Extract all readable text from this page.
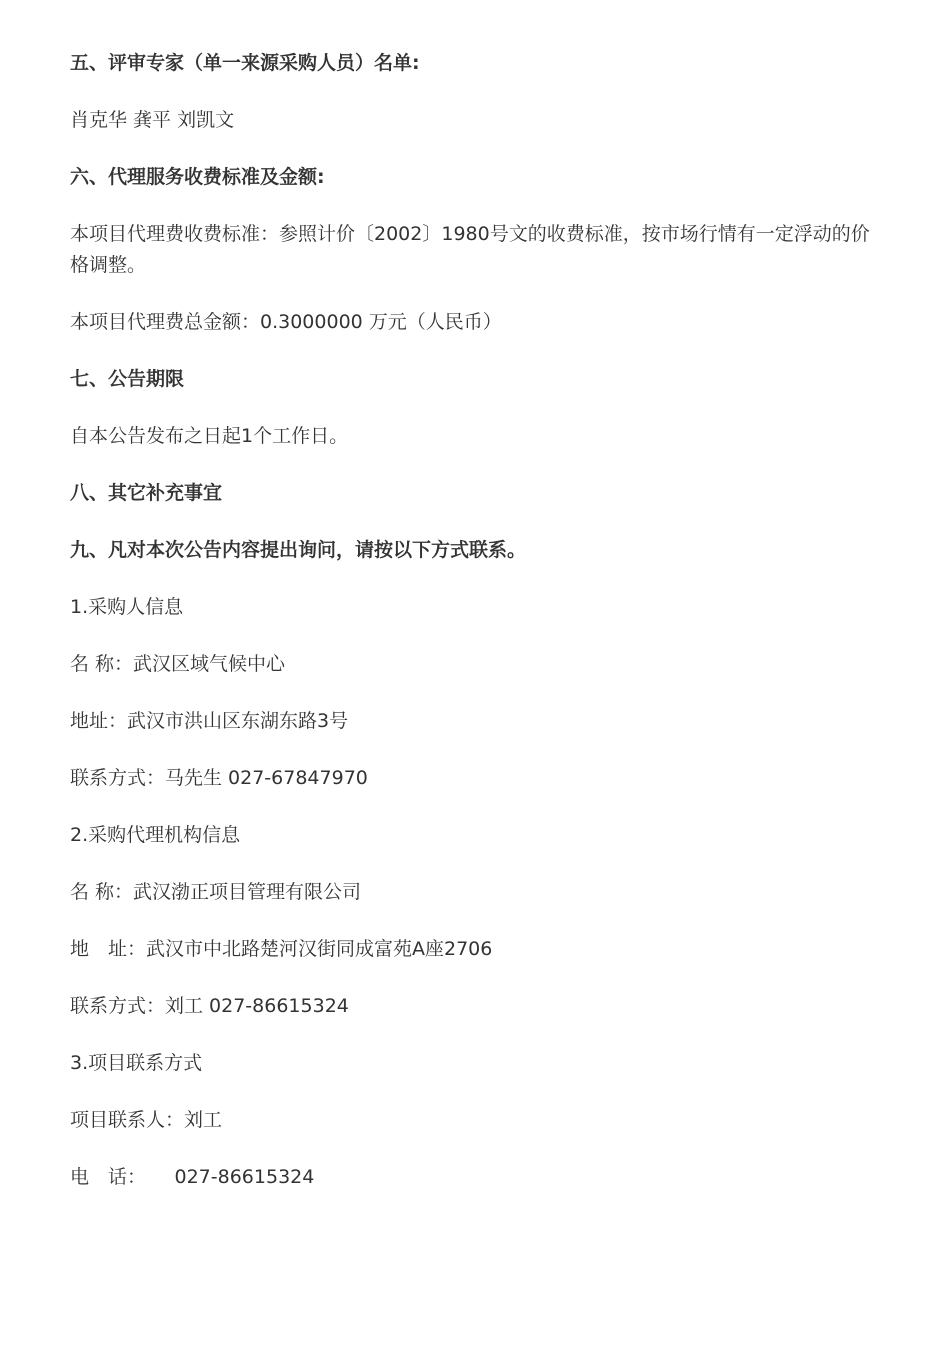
五、评审专家（单一来源采购人员）名单:

肖克华 龚平 刘凯文

六、代理服务收费标准及金额:

本项目代理费收费标准：参照计价〔2002〕1980号文的收费标准，按市场行情有一定浮动的价格调整。

本项目代理费总金额：0.3000000 万元（人民币）

七、公告期限

自本公告发布之日起1个工作日。

八、其它补充事宜

九、凡对本次公告内容提出询问，请按以下方式联系。

1.采购人信息

名 称：武汉区域气候中心

地址：武汉市洪山区东湖东路3号

联系方式：马先生 027-67847970

2.采购代理机构信息

名 称：武汉渤正项目管理有限公司

地　址：武汉市中北路楚河汉街同成富苑A座2706

联系方式：刘工 027-86615324

3.项目联系方式

项目联系人：刘工

电　话：　　027-86615324
